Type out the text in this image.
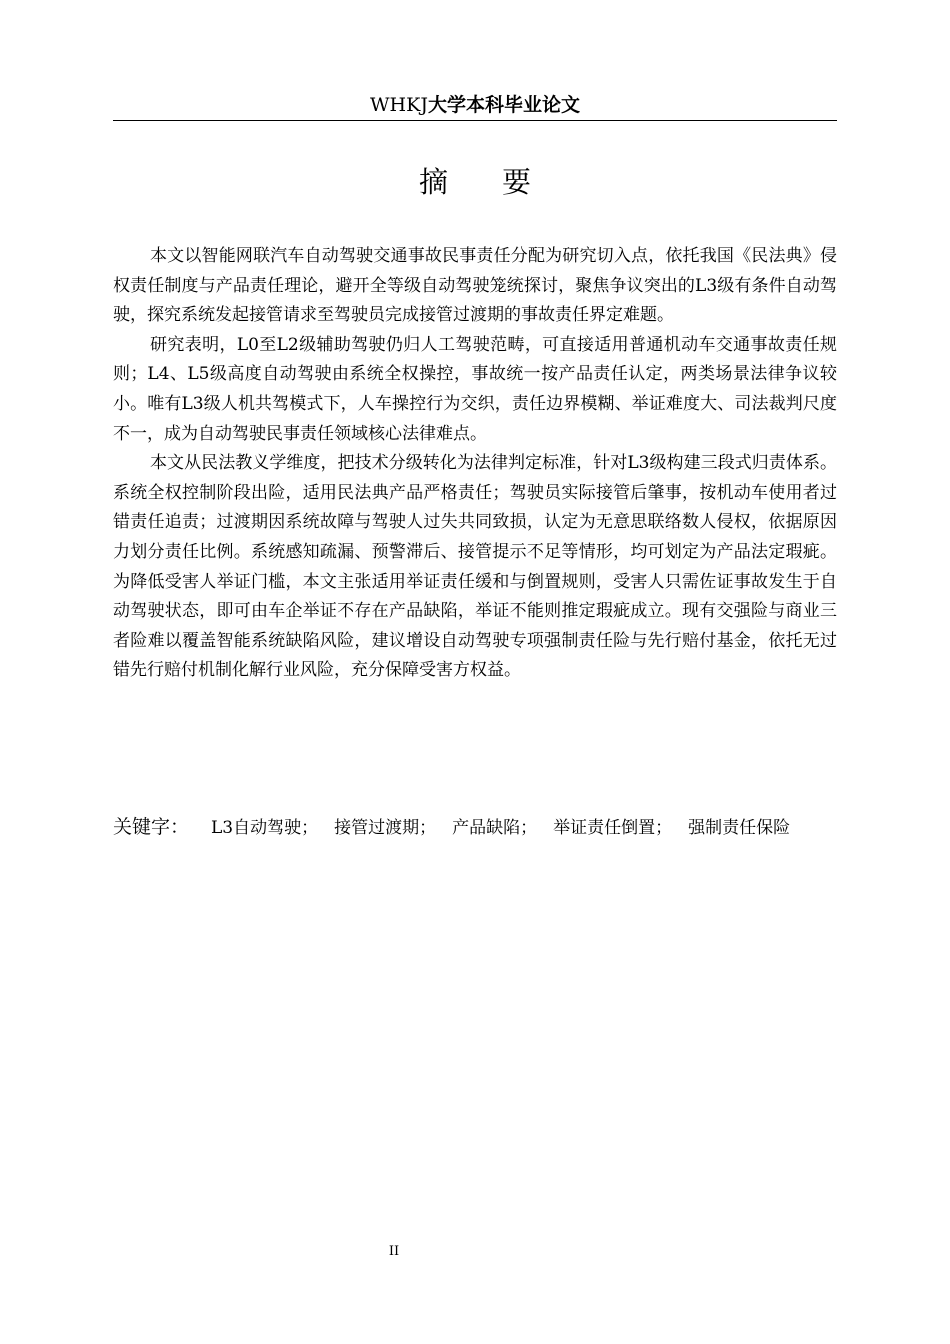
WHKJ大学本科毕业论文
摘要

本文以智能网联汽车自动驾驶交通事故民事责任分配为研究切入点，依托我国《民法典》侵权责任制度与产品责任理论，避开全等级自动驾驶笼统探讨，聚焦争议突出的L3级有条件自动驾驶，探究系统发起接管请求至驾驶员完成接管过渡期的事故责任界定难题。

研究表明，L0至L2级辅助驾驶仍归人工驾驶范畴，可直接适用普通机动车交通事故责任规则；L4、L5级高度自动驾驶由系统全权操控，事故统一按产品责任认定，两类场景法律争议较小。唯有L3级人机共驾模式下，人车操控行为交织，责任边界模糊、举证难度大、司法裁判尺度不一，成为自动驾驶民事责任领域核心法律难点。

本文从民法教义学维度，把技术分级转化为法律判定标准，针对L3级构建三段式归责体系。系统全权控制阶段出险，适用民法典产品严格责任；驾驶员实际接管后肇事，按机动车使用者过错责任追责；过渡期因系统故障与驾驶人过失共同致损，认定为无意思联络数人侵权，依据原因力划分责任比例。系统感知疏漏、预警滞后、接管提示不足等情形，均可划定为产品法定瑕疵。为降低受害人举证门槛，本文主张适用举证责任缓和与倒置规则，受害人只需佐证事故发生于自动驾驶状态，即可由车企举证不存在产品缺陷，举证不能则推定瑕疵成立。现有交强险与商业三者险难以覆盖智能系统缺陷风险，建议增设自动驾驶专项强制责任险与先行赔付基金，依托无过错先行赔付机制化解行业风险，充分保障受害方权益。

关键字： L3自动驾驶； 接管过渡期； 产品缺陷； 举证责任倒置； 强制责任保险
II
